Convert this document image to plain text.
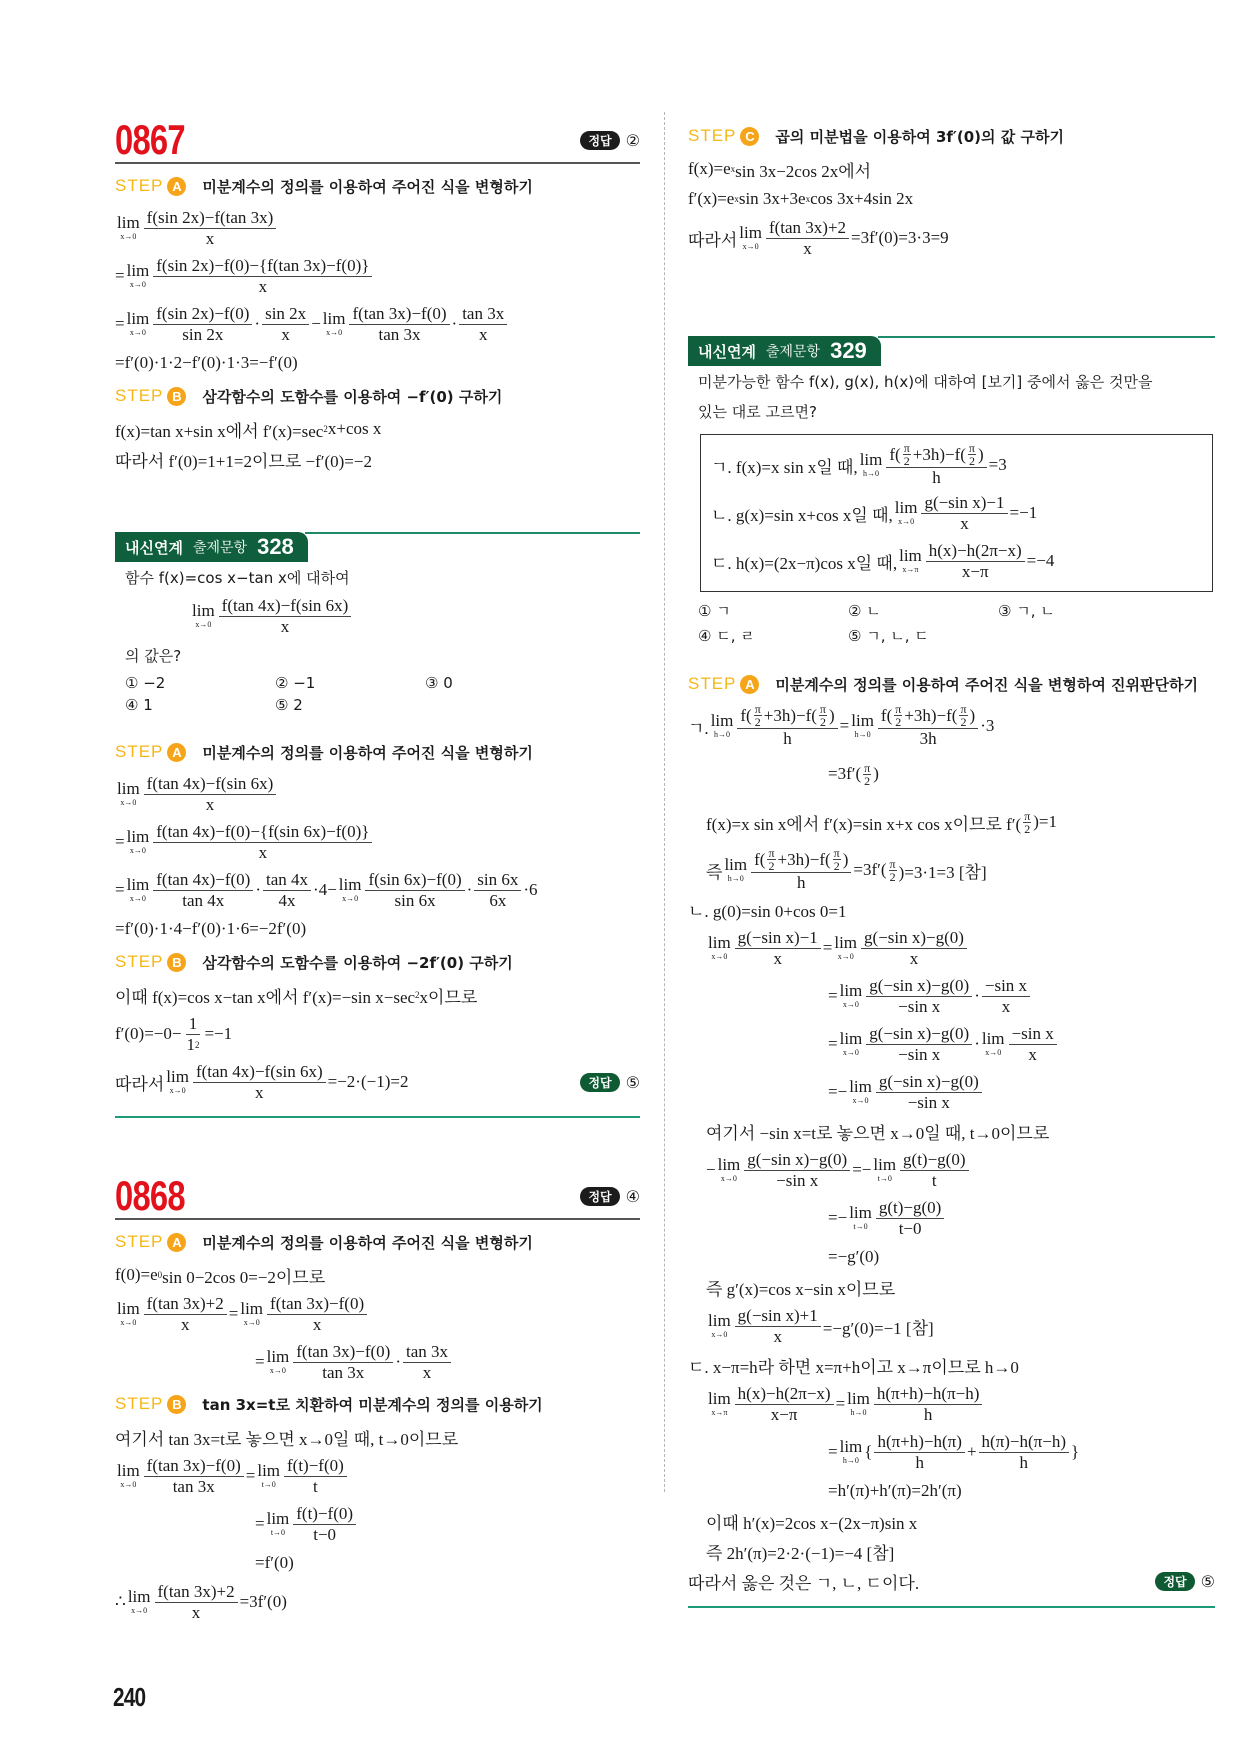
0867	정답 ②
STEP A	미분계수의 정의를 이용하여 주어진 식을 변형하기
lim
$x\to 0 \frac{f(\sin 2x)-f(\tan 3x)}{x}$
= lim
$x\to 0 \frac{f(\sin 2x)-f(0)-\{f(\tan 3x)-f(0)\}}{x}$
= lim
$x\to 0 \frac{f(\sin 2x)-f(0)}{\sin 2x} \cdot \frac{\sin 2x}{x} - \lim$
$x\to 0 \frac{f(\tan 3x)-f(0)}{\tan 3x} \cdot \frac{\tan 3x}{x}$
=f′(0)·1·2−f′(0)·1·3=−f′(0)
STEP B	삼각함수의 도함수를 이용하여 −f′(0) 구하기
f(x)=tan x+sin x에서 f′(x)=sec 2 x+cos x
따라서 f′(0)=1+1=2이므로 −f′(0)=−2
내신연계 출제문항 328
함수 f(x)=cos x−tan x에 대하여
lim
$x\to 0 \frac{f(\tan 4x)-f(\sin 6x)}{x}$
의 값은?
① −2	② −1	③ 0
④ 1	⑤ 2
STEP A	미분계수의 정의를 이용하여 주어진 식을 변형하기
lim
$x\to 0 \frac{f(\tan 4x)-f(\sin 6x)}{x}$
= lim
$x\to 0 \frac{f(\tan 4x)-f(0)-\{f(\sin 6x)-f(0)\}}{x}$
= lim
$x\to 0 \frac{f(\tan 4x)-f(0)}{\tan 4x} \cdot \frac{\tan 4x}{4x} \cdot 4- \lim$
$x\to 0 \frac{f(\sin 6x)-f(0)}{\sin 6x} \cdot \frac{\sin 6x}{6x} \cdot 6$
=f′(0)·1·4−f′(0)·1·6=−2f′(0)
STEP B	삼각함수의 도함수를 이용하여 −2f′(0) 구하기
이때 f(x)=cos x−tan x에서 f′(x)=−sin x−sec 2 x이므로
$f'(0)=-0- \frac{1}{1 2} =-1$
따라서 lim
$x\to 0 \frac{f(\tan 4x)-f(\sin 6x)}{x} =-2\cdot(-1)=2$	정답 ⑤
0868	정답 ④
STEP A	미분계수의 정의를 이용하여 주어진 식을 변형하기
f(0)=e 0 sin 0−2cos 0=−2이므로
lim
$x\to 0 \frac{f(\tan 3x)+2}{x} = \lim$
$x\to 0 \frac{f(\tan 3x)-f(0)}{x}$
= lim
$x\to 0 \frac{f(\tan 3x)-f(0)}{\tan 3x} \cdot \frac{\tan 3x}{x}$
STEP B	tan 3x=t로 치환하여 미분계수의 정의를 이용하기
여기서 tan 3x=t로 놓으면 x→0일 때, t→0이므로
lim
$x\to 0 \frac{f(\tan 3x)-f(0)}{\tan 3x} = \lim$
$t\to 0 \frac{f(t)-f(0)}{t}$
= lim
$t\to 0 \frac{f(t)-f(0)}{t-0}$
=f′(0)
∴ lim
$x\to 0 \frac{f(\tan 3x)+2}{x} =3f'(0)$
STEP C	곱의 미분법을 이용하여 3f′(0)의 값 구하기
f(x)=e x sin 3x−2cos 2x에서
f′(x)=e x sin 3x+3e x cos 3x+4sin 2x
따라서 lim
$x\to 0 \frac{f(\tan 3x)+2}{x} =3f'(0)=3\cdot 3=9$
내신연계 출제문항 329
미분가능한 함수 f(x), g(x), h(x)에 대하여 [보기] 중에서 옳은 것만을
있는 대로 고르면?
ㄱ. f(x)=x sin x일 때, lim
$h\to 0 \frac{f( \frac{\pi}{2} +3h)-f( \frac{\pi}{2} )}{h} =3$
ㄴ. g(x)=sin x+cos x일 때, lim
$x\to 0 \frac{\text{g(−sin x)−1}}{x} =-1$
ㄷ. h(x)=(2x−π)cos x일 때, lim
$x\to\pi \frac{h(x)-h(2\pi-x)}{x-\pi} =-4$
① ㄱ	② ㄴ	③ ㄱ, ㄴ
④ ㄷ, ㄹ	⑤ ㄱ, ㄴ, ㄷ
STEP A	미분계수의 정의를 이용하여 주어진 식을 변형하여 진위판단하기
ㄱ. lim
$h\to 0 \frac{f( \frac{\pi}{2} +3h)-f( \frac{\pi}{2} )}{h} = \lim$
$h\to 0 \frac{f( \frac{\pi}{2} +3h)-f( \frac{\pi}{2} )}{3h} \cdot 3$
$=3f'( \frac{\pi}{2}$ )
f(x)=x sin x에서 f′(x)=sin x+x cos x이므로 $f'( \frac{\pi}{2} )=1$
즉 lim
$h\to 0 \frac{f( \frac{\pi}{2} +3h)-f( \frac{\pi}{2} )}{h} =3f'( \frac{\pi}{2} )=3\cdot 1=3$ [참]
ㄴ. g(0)=sin 0+cos 0=1
lim
$x\to 0 \frac{\text{g(−sin x)−1}}{x} = \lim$
$x\to 0 \frac{\text{g(−sin x)−g(0)}}{x}$
= lim
$x\to 0 \frac{\text{g(−sin x)−g(0)}}{\text{−sin x}} \cdot \frac{\text{−sin x}}{x}$
= lim
$x\to 0 \frac{\text{g(−sin x)−g(0)}}{\text{−sin x}} \cdot \lim$
$x\to 0 \frac{\text{−sin x}}{x}$
=− lim
$x\to 0 \frac{\text{g(−sin x)−g(0)}}{\text{−sin x}}$
여기서 −sin x=t로 놓으면 x→0일 때, t→0이므로
− lim
$x\to 0 \frac{\text{g(−sin x)−g(0)}}{\text{−sin x}} =- \lim$
$t\to 0 \frac{g(t)-g(0)}{t}$
=− lim
$t\to 0 \frac{g(t)-g(0)}{t-0}$
=−g′(0)
즉 g′(x)=cos x−sin x이므로
lim
$x\to 0 \frac{\text{g(−sin x)+1}}{x} =-g'(0)=-1$ [참]
ㄷ. x−π=h라 하면 x=π+h이고 x→π이므로 h→0
lim
$x\to\pi \frac{h(x)-h(2\pi-x)}{x-\pi} = \lim$
$h\to 0 \frac{h(\pi+h)-h(\pi-h)}{h}$
= lim
h→0 { $\frac{h(\pi+h)-h(\pi)}{h} + \frac{h(\pi)-h(\pi-h)}{h}$ }
=h′(π)+h′(π)=2h′(π)
이때 h′(x)=2cos x−(2x−π)sin x
즉 2h′(π)=2·2·(−1)=−4 [참]
따라서 옳은 것은 ㄱ, ㄴ, ㄷ이다.	정답 ⑤
240
